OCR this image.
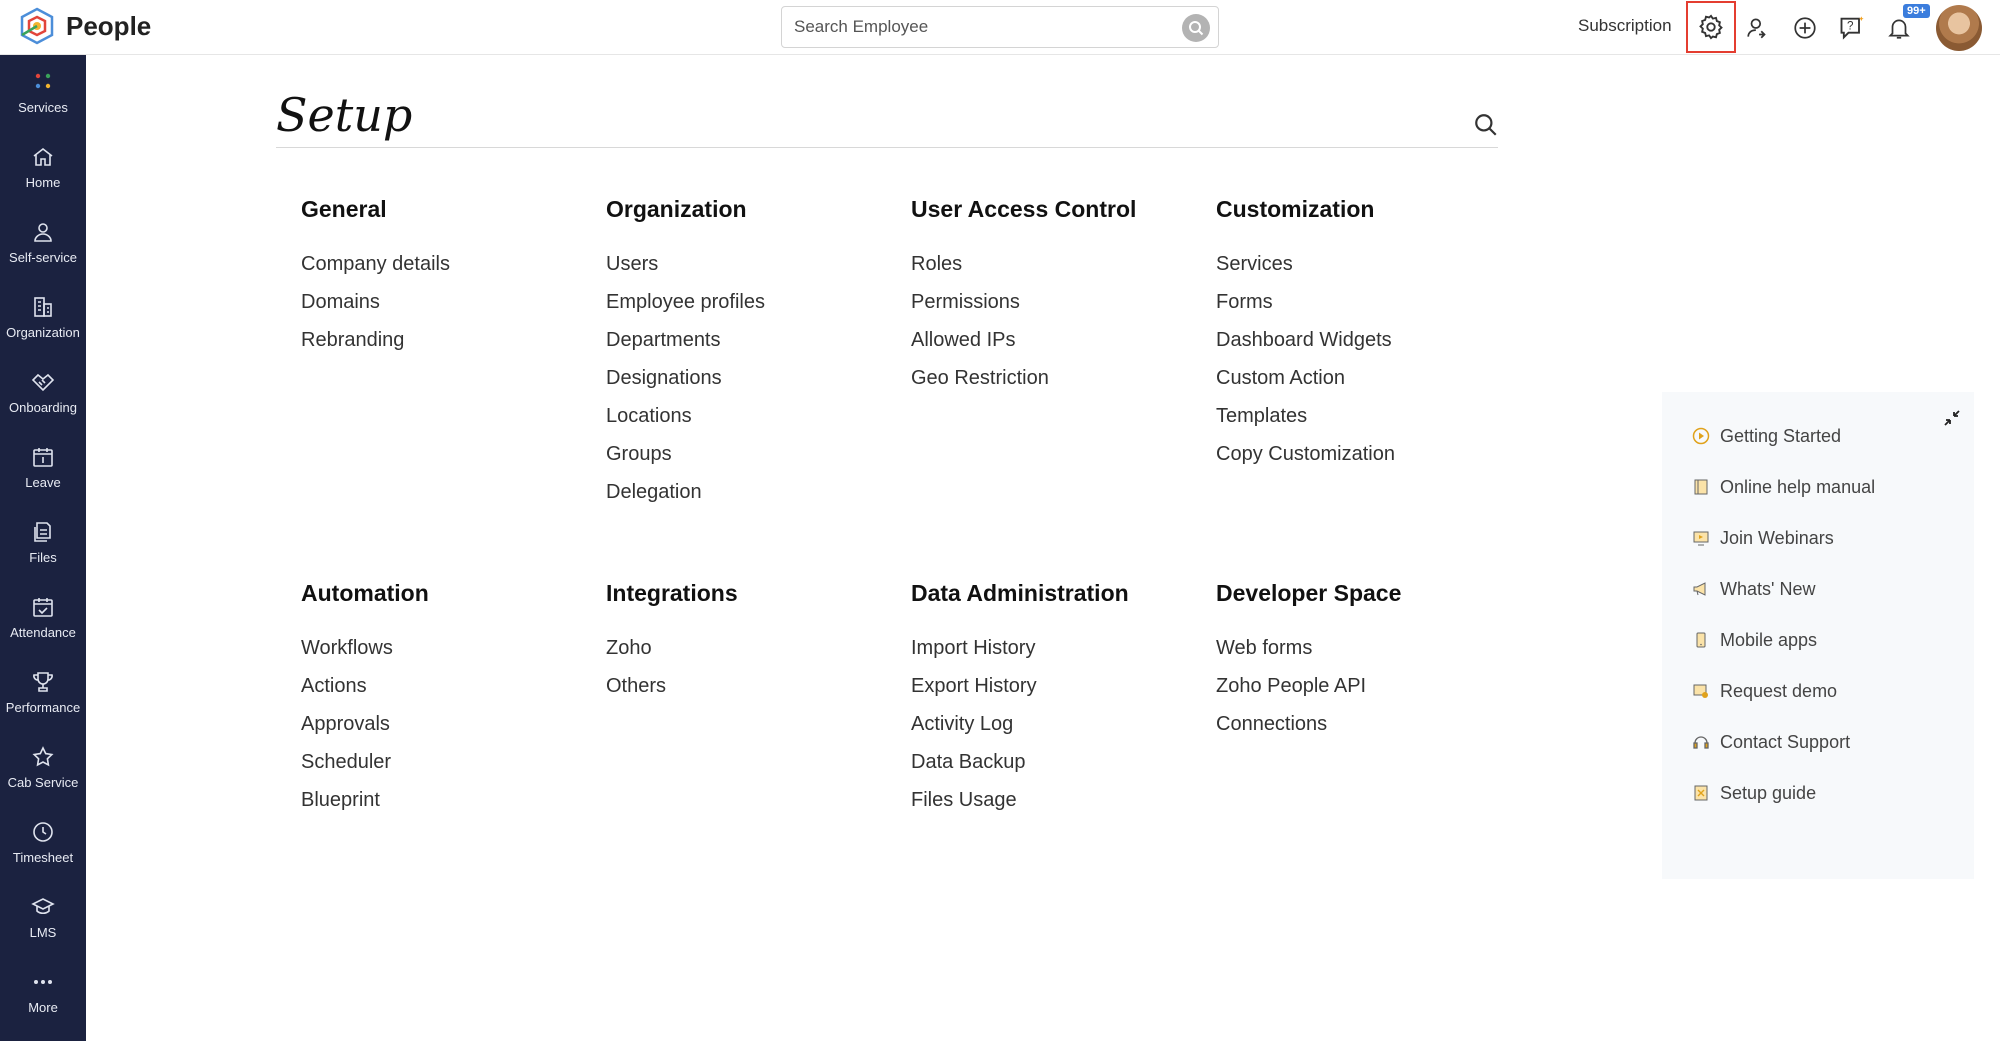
People
Search Employee	Subscription	?
99+
Services
Home
Self-service
Organization
Onboarding
Leave
Files
Attendance
Performance
Cab Service
Timesheet
LMS
More
Setup
General
Company details
Domains
Rebranding
Organization
Users
Employee profiles
Departments
Designations
Locations
Groups
Delegation
User Access Control
Roles
Permissions
Allowed IPs
Geo Restriction
Customization
Services
Forms
Dashboard Widgets
Custom Action
Templates
Copy Customization
Automation
Workflows
Actions
Approvals
Scheduler
Blueprint
Integrations
Zoho
Others
Data Administration
Import History
Export History
Activity Log
Data Backup
Files Usage
Developer Space
Web forms
Zoho People API
Connections
Getting Started
Online help manual
Join Webinars
Whats' New
Mobile apps
Request demo
Contact Support
Setup guide
